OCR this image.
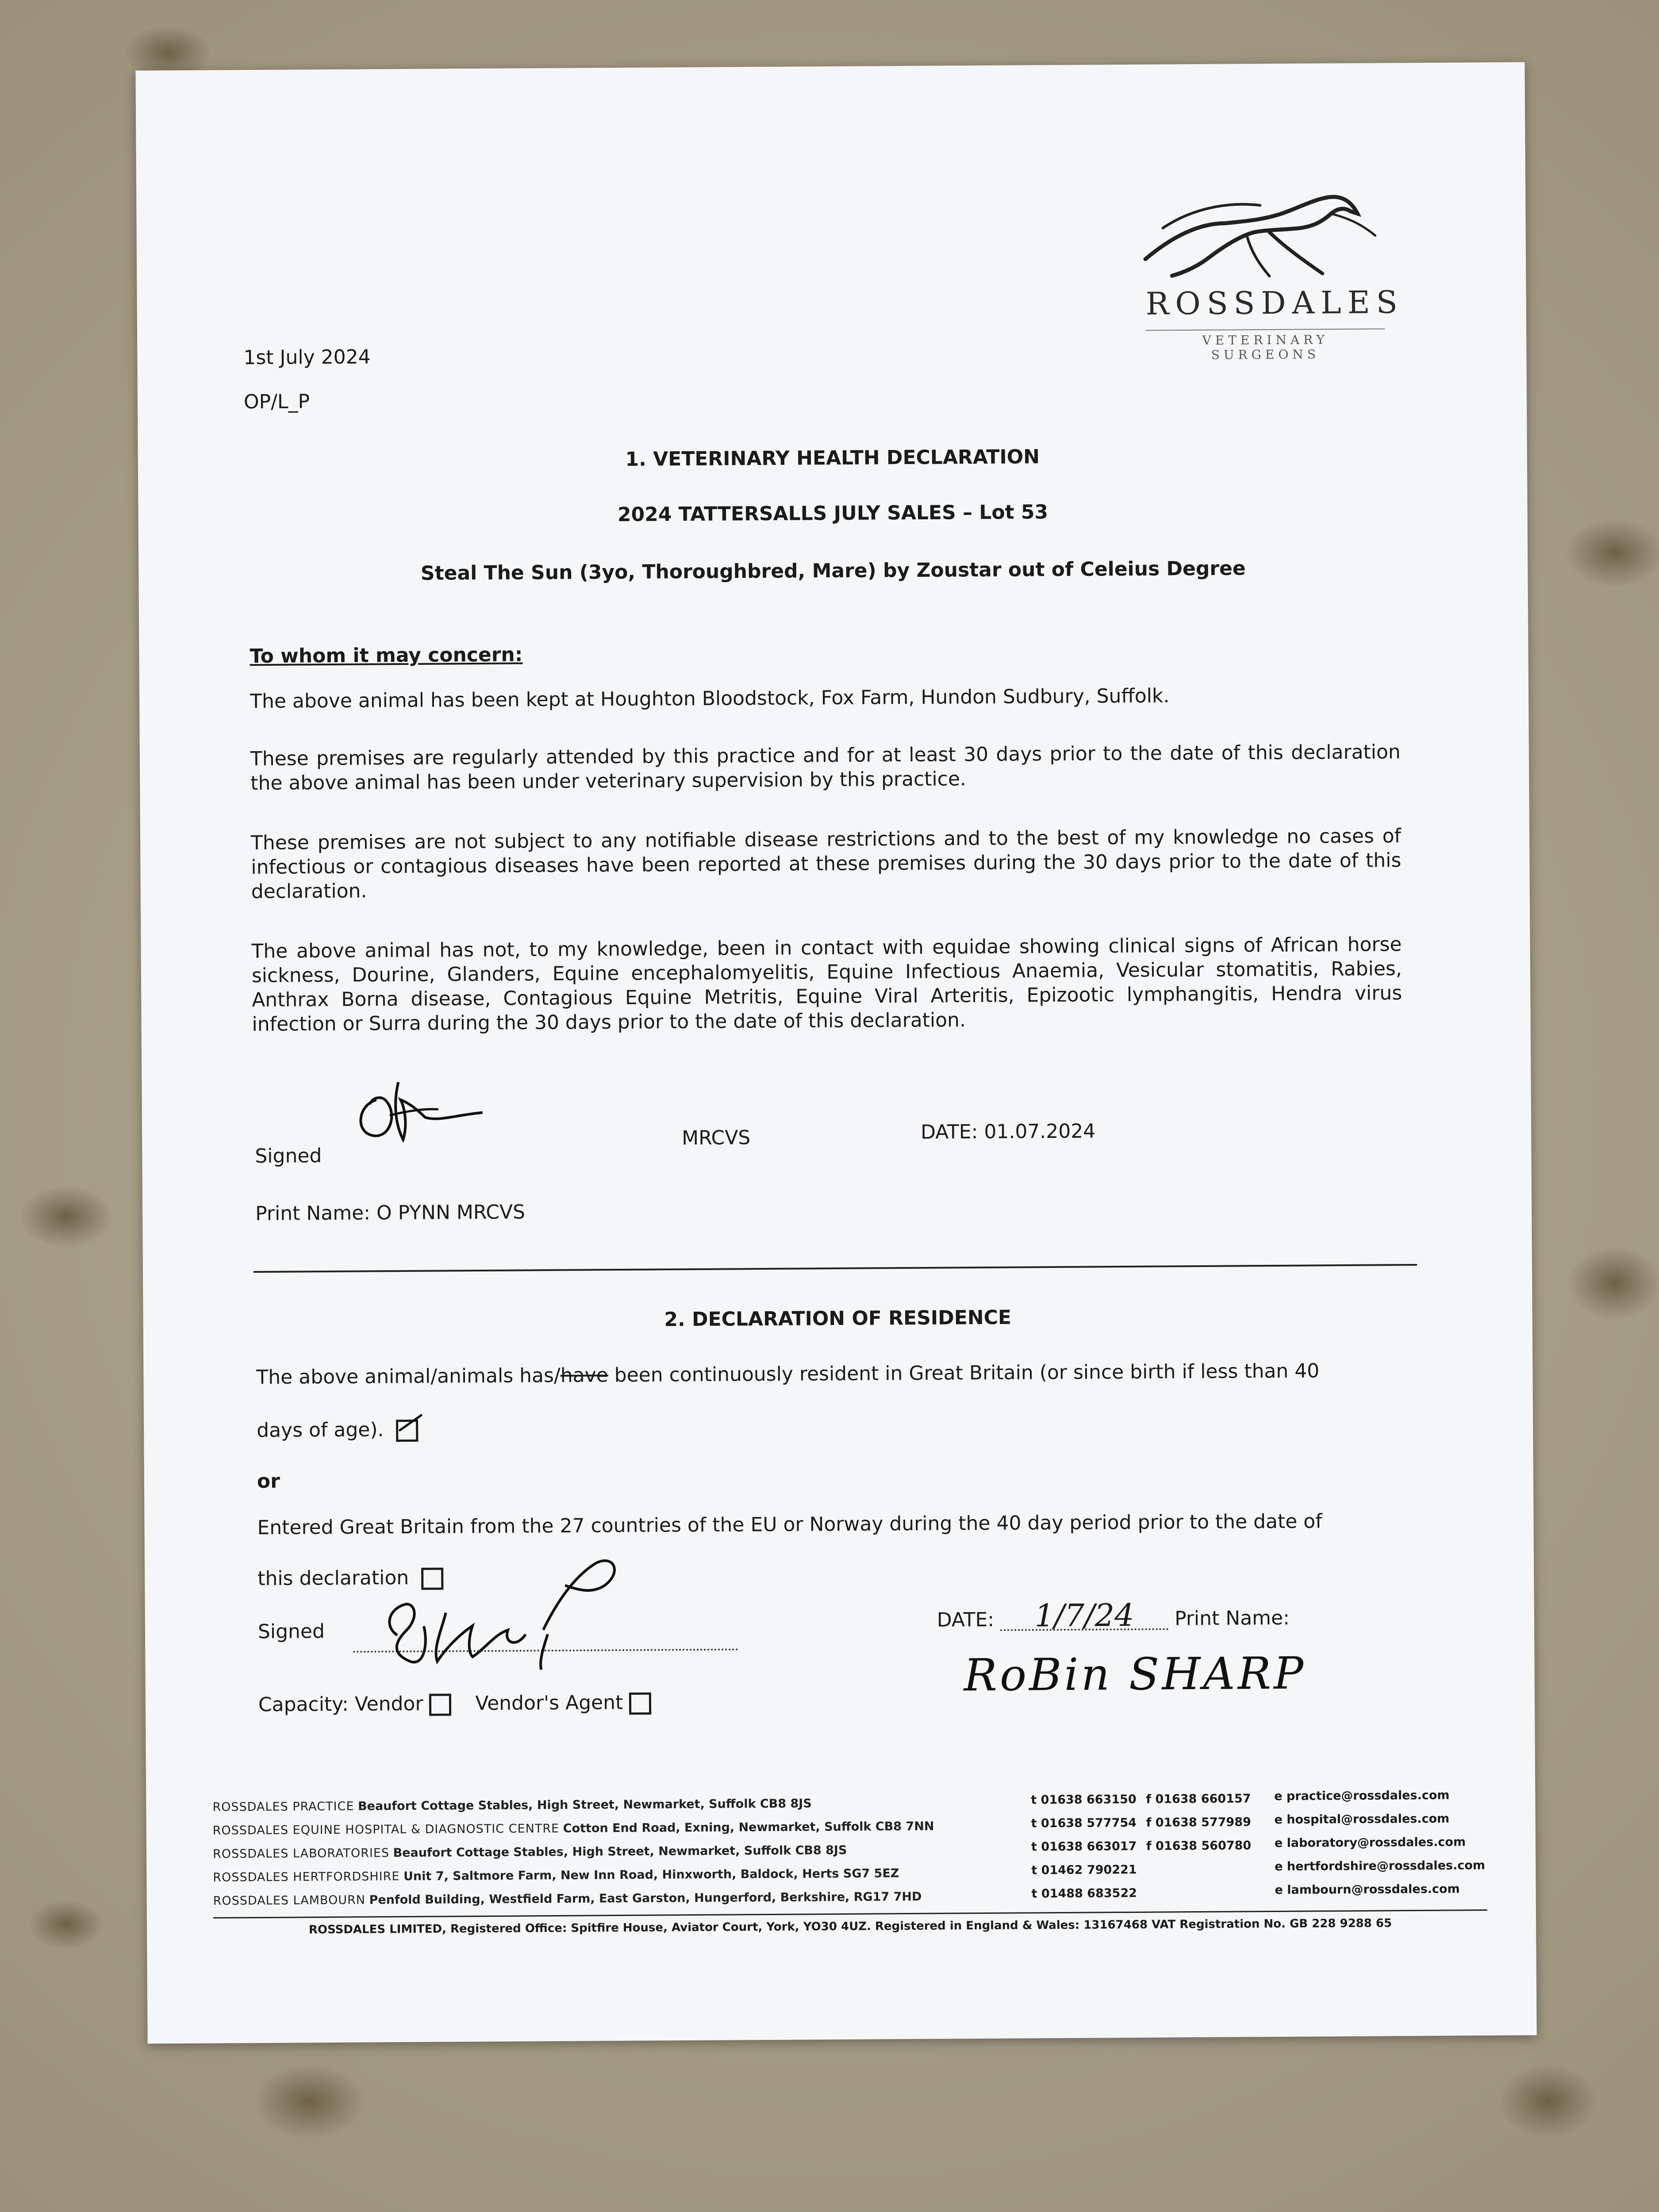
ROSSDALES
VETERINARY SURGEONS
1st July 2024
OP/L_P
1. VETERINARY HEALTH DECLARATION
2024 TATTERSALLS JULY SALES – Lot 53
Steal The Sun (3yo, Thoroughbred, Mare) by Zoustar out of Celeius Degree
To whom it may concern:
The above animal has been kept at Houghton Bloodstock, Fox Farm, Hundon Sudbury, Suffolk.
These premises are regularly attended by this practice and for at least 30 days prior to the date of this declaration the above animal has been under veterinary supervision by this practice.
These premises are not subject to any notifiable disease restrictions and to the best of my knowledge no cases of infectious or contagious diseases have been reported at these premises during the 30 days prior to the date of this declaration.
The above animal has not, to my knowledge, been in contact with equidae showing clinical signs of African horse sickness, Dourine, Glanders, Equine encephalomyelitis, Equine Infectious Anaemia, Vesicular stomatitis, Rabies, Anthrax Borna disease, Contagious Equine Metritis, Equine Viral Arteritis, Epizootic lymphangitis, Hendra virus infection or Surra during the 30 days prior to the date of this declaration.
Signed
MRCVS	DATE: 01.07.2024
Print Name: O PYNN MRCVS
2. DECLARATION OF RESIDENCE
The above animal/animals has/have been continuously resident in Great Britain (or since birth if less than 40
days of age).
or
Entered Great Britain from the 27 countries of the EU or Norway during the 40 day period prior to the date of
this declaration
Signed
DATE: 1/7/24 Print Name:
RoBin SHARP
Capacity: Vendor	Vendor's Agent
ROSSDALES PRACTICE Beaufort Cottage Stables, High Street, Newmarket, Suffolk CB8 8JS
ROSSDALES EQUINE HOSPITAL & DIAGNOSTIC CENTRE Cotton End Road, Exning, Newmarket, Suffolk CB8 7NN
ROSSDALES LABORATORIES Beaufort Cottage Stables, High Street, Newmarket, Suffolk CB8 8JS
ROSSDALES HERTFORDSHIRE Unit 7, Saltmore Farm, New Inn Road, Hinxworth, Baldock, Herts SG7 5EZ
ROSSDALES LAMBOURN Penfold Building, Westfield Farm, East Garston, Hungerford, Berkshire, RG17 7HD
t 01638 663150
t 01638 577754
t 01638 663017
t 01462 790221
t 01488 683522
f 01638 660157
f 01638 577989
f 01638 560780
e practice@rossdales.com
e hospital@rossdales.com
e laboratory@rossdales.com
e hertfordshire@rossdales.com
e lambourn@rossdales.com
ROSSDALES LIMITED, Registered Office: Spitfire House, Aviator Court, York, YO30 4UZ. Registered in England & Wales: 13167468 VAT Registration No. GB 228 9288 65
